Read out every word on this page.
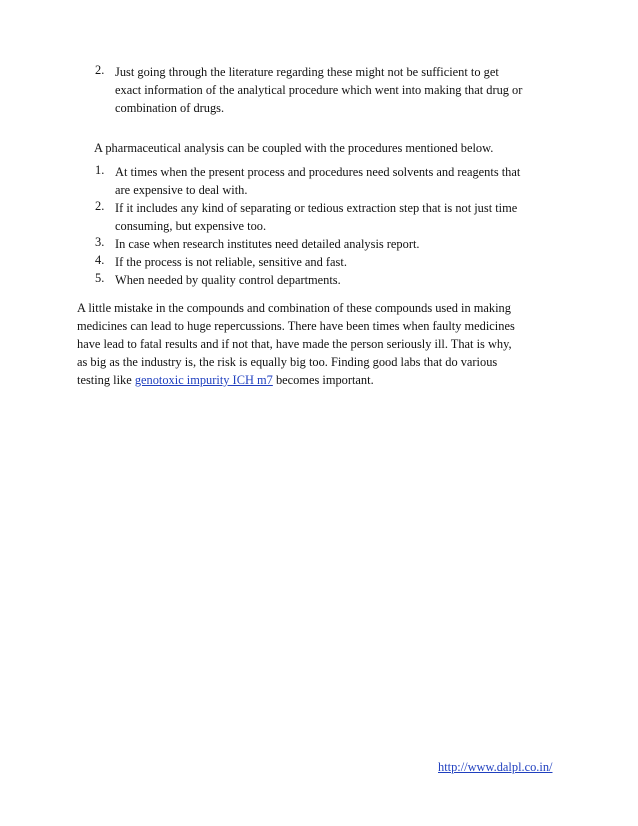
2. Just going through the literature regarding these might not be sufficient to get
exact information of the analytical procedure which went into making that drug or
combination of drugs.

A pharmaceutical analysis can be coupled with the procedures mentioned below.

1. At times when the present process and procedures need solvents and reagents that
are expensive to deal with.
2. If it includes any kind of separating or tedious extraction step that is not just time
consuming, but expensive too.
3. In case when research institutes need detailed analysis report.
4. If the process is not reliable, sensitive and fast.
5. When needed by quality control departments.
A little mistake in the compounds and combination of these compounds used in making
medicines can lead to huge repercussions. There have been times when faulty medicines
have lead to fatal results and if not that, have made the person seriously ill. That is why,
as big as the industry is, the risk is equally big too. Finding good labs that do various
testing like genotoxic impurity ICH m7 becomes important.
http://www.dalpl.co.in/
